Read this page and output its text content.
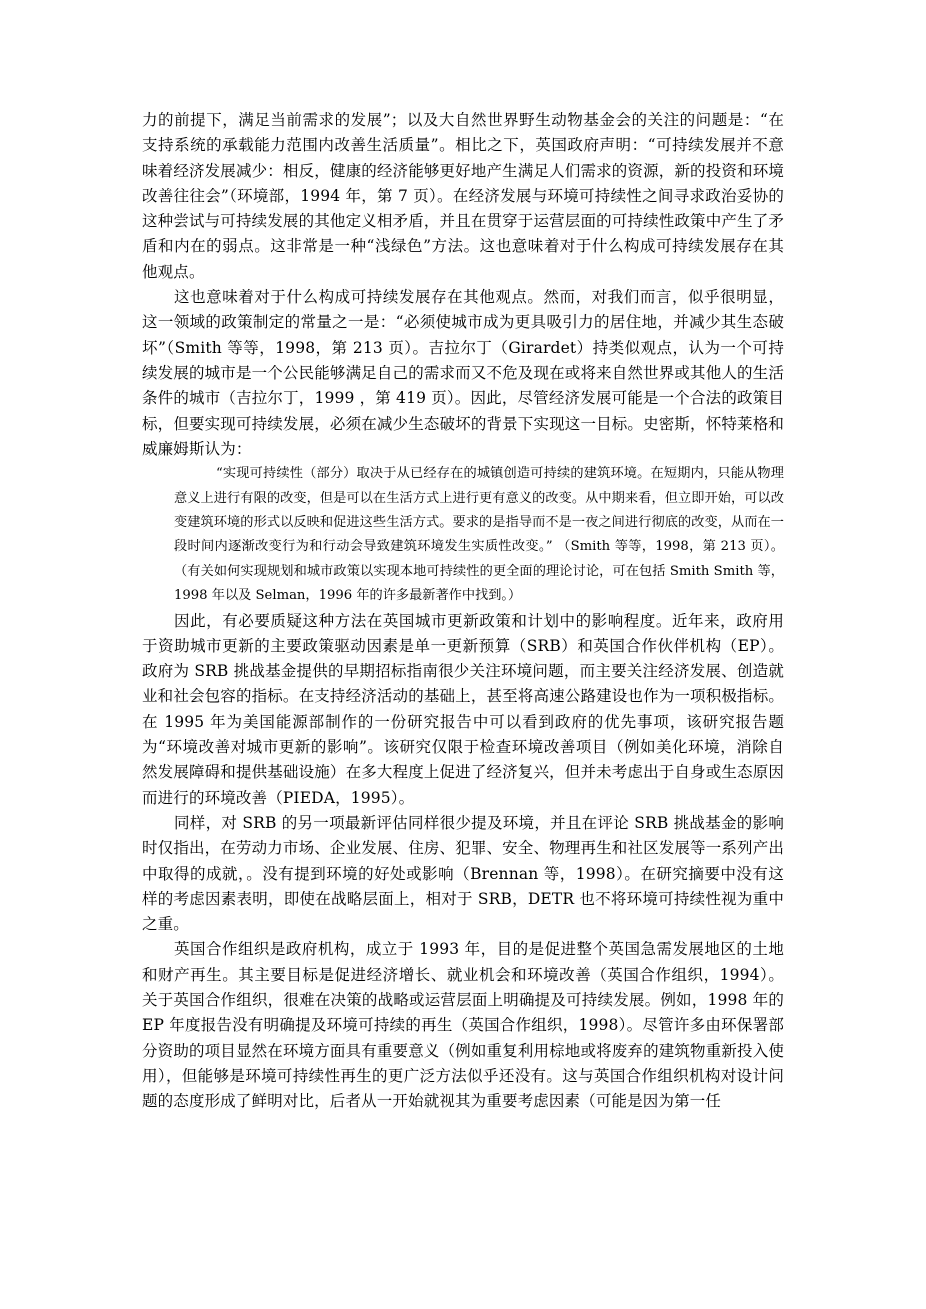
力的前提下，满足当前需求的发展”；以及大自然世界野生动物基金会的关注的问题是：“在支持系统的承载能力范围内改善生活质量”。相比之下，英国政府声明：“可持续发展并不意味着经济发展减少：相反，健康的经济能够更好地产生满足人们需求的资源，新的投资和环境改善往往会”（环境部，1994 年，第 7 页）。在经济发展与环境可持续性之间寻求政治妥协的这种尝试与可持续发展的其他定义相矛盾，并且在贯穿于运营层面的可持续性政策中产生了矛盾和内在的弱点。这非常是一种“浅绿色”方法。这也意味着对于什么构成可持续发展存在其他观点。

这也意味着对于什么构成可持续发展存在其他观点。然而，对我们而言，似乎很明显，这一领域的政策制定的常量之一是：“必须使城市成为更具吸引力的居住地，并减少其生态破坏”（Smith 等等，1998，第 213 页）。吉拉尔丁（Girardet）持类似观点，认为一个可持续发展的城市是一个公民能够满足自己的需求而又不危及现在或将来自然世界或其他人的生活条件的城市（吉拉尔丁，1999 ，第 419 页）。因此，尽管经济发展可能是一个合法的政策目标，但要实现可持续发展，必须在减少生态破坏的背景下实现这一目标。史密斯，怀特莱格和威廉姆斯认为：

“实现可持续性（部分）取决于从已经存在的城镇创造可持续的建筑环境。在短期内，只能从物理意义上进行有限的改变，但是可以在生活方式上进行更有意义的改变。从中期来看，但立即开始，可以改变建筑环境的形式以反映和促进这些生活方式。要求的是指导而不是一夜之间进行彻底的改变，从而在一段时间内逐渐改变行为和行动会导致建筑环境发生实质性改变。” （Smith 等等，1998，第 213 页）。（有关如何实现规划和城市政策以实现本地可持续性的更全面的理论讨论，可在包括 Smith Smith 等，1998 年以及 Selman，1996 年的许多最新著作中找到。）

因此，有必要质疑这种方法在英国城市更新政策和计划中的影响程度。近年来，政府用于资助城市更新的主要政策驱动因素是单一更新预算（SRB）和英国合作伙伴机构（EP）。政府为 SRB 挑战基金提供的早期招标指南很少关注环境问题，而主要关注经济发展、创造就业和社会包容的指标。在支持经济活动的基础上，甚至将高速公路建设也作为一项积极指标。在 1995 年为美国能源部制作的一份研究报告中可以看到政府的优先事项，该研究报告题为“环境改善对城市更新的影响”。该研究仅限于检查环境改善项目（例如美化环境，消除自然发展障碍和提供基础设施）在多大程度上促进了经济复兴，但并未考虑出于自身或生态原因而进行的环境改善（PIEDA，1995）。

同样，对 SRB 的另一项最新评估同样很少提及环境，并且在评论 SRB 挑战基金的影响时仅指出，在劳动力市场、企业发展、住房、犯罪、安全、物理再生和社区发展等一系列产出中取得的成就，。没有提到环境的好处或影响（Brennan 等，1998）。在研究摘要中没有这样的考虑因素表明，即使在战略层面上，相对于 SRB，DETR 也不将环境可持续性视为重中之重。

英国合作组织是政府机构，成立于 1993 年，目的是促进整个英国急需发展地区的土地和财产再生。其主要目标是促进经济增长、就业机会和环境改善（英国合作组织，1994）。关于英国合作组织，很难在决策的战略或运营层面上明确提及可持续发展。例如，1998 年的 EP 年度报告没有明确提及环境可持续的再生（英国合作组织，1998）。尽管许多由环保署部分资助的项目显然在环境方面具有重要意义（例如重复利用棕地或将废弃的建筑物重新投入使用），但能够是环境可持续性再生的更广泛方法似乎还没有。这与英国合作组织机构对设计问题的态度形成了鲜明对比，后者从一开始就视其为重要考虑因素（可能是因为第一任
